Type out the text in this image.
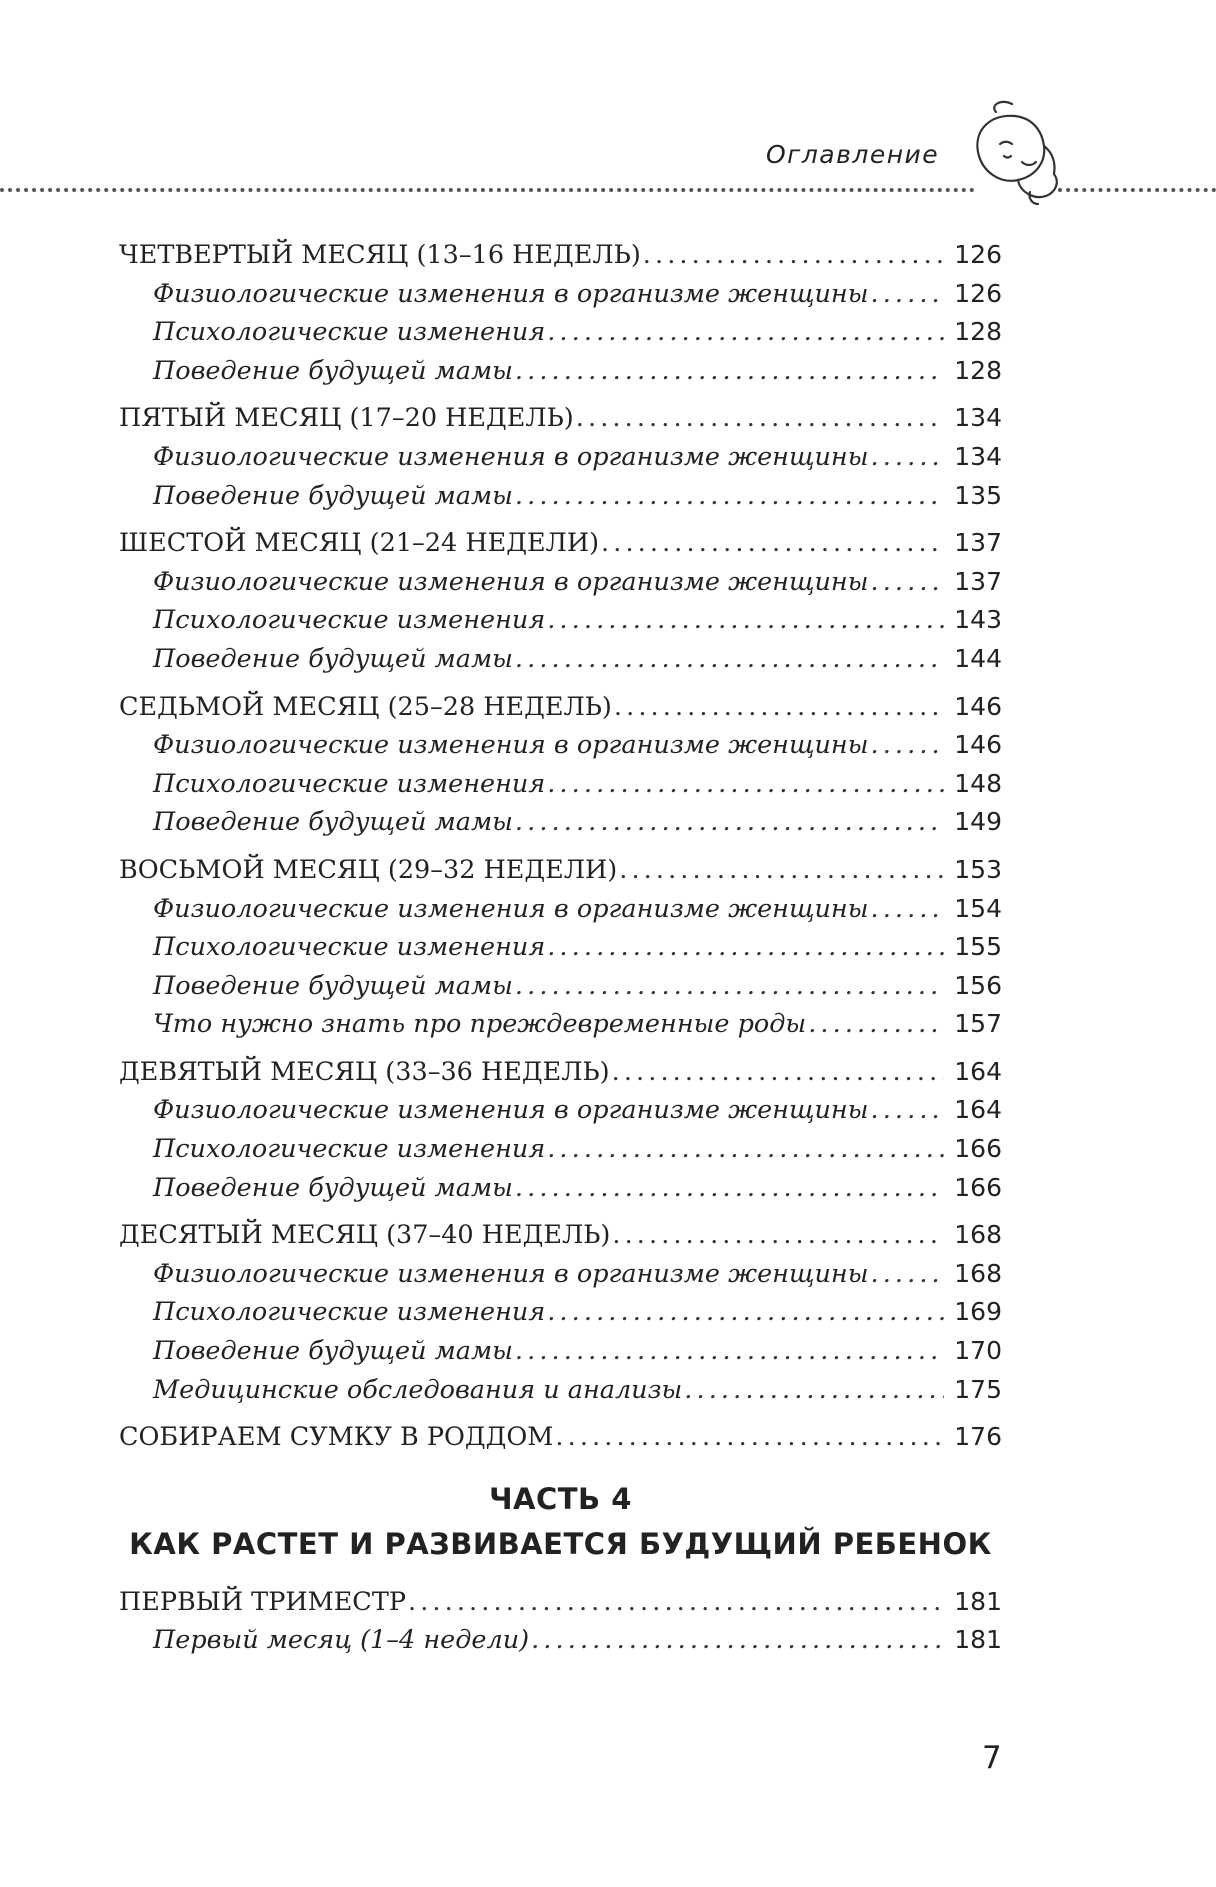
Оглавление
ЧЕТВЕРТЫЙ МЕСЯЦ (13–16 НЕДЕЛЬ) . . .	126
Физиологические изменения в организме женщины . . .	126
Психологические изменения . . .	128
Поведение будущей мамы . . .	128
ПЯТЫЙ МЕСЯЦ (17–20 НЕДЕЛЬ) . . .	134
Физиологические изменения в организме женщины . . .	134
Поведение будущей мамы . . .	135
ШЕСТОЙ МЕСЯЦ (21–24 НЕДЕЛИ) . . .	137
Физиологические изменения в организме женщины . . .	137
Психологические изменения . . .	143
Поведение будущей мамы . . .	144
СЕДЬМОЙ МЕСЯЦ (25–28 НЕДЕЛЬ) . . .	146
Физиологические изменения в организме женщины . . .	146
Психологические изменения . . .	148
Поведение будущей мамы . . .	149
ВОСЬМОЙ МЕСЯЦ (29–32 НЕДЕЛИ) . . .	153
Физиологические изменения в организме женщины . . .	154
Психологические изменения . . .	155
Поведение будущей мамы . . .	156
Что нужно знать про преждевременные роды . . .	157
ДЕВЯТЫЙ МЕСЯЦ (33–36 НЕДЕЛЬ) . . .	164
Физиологические изменения в организме женщины . . .	164
Психологические изменения . . .	166
Поведение будущей мамы . . .	166
ДЕСЯТЫЙ МЕСЯЦ (37–40 НЕДЕЛЬ) . . .	168
Физиологические изменения в организме женщины . . .	168
Психологические изменения . . .	169
Поведение будущей мамы . . .	170
Медицинские обследования и анализы . . .	175
СОБИРАЕМ СУМКУ В РОДДОМ . . .	176
ЧАСТЬ 4
КАК РАСТЕТ И РАЗВИВАЕТСЯ БУДУЩИЙ РЕБЕНОК
ПЕРВЫЙ ТРИМЕСТР . . .	181
Первый месяц (1–4 недели) . . .	181
7
